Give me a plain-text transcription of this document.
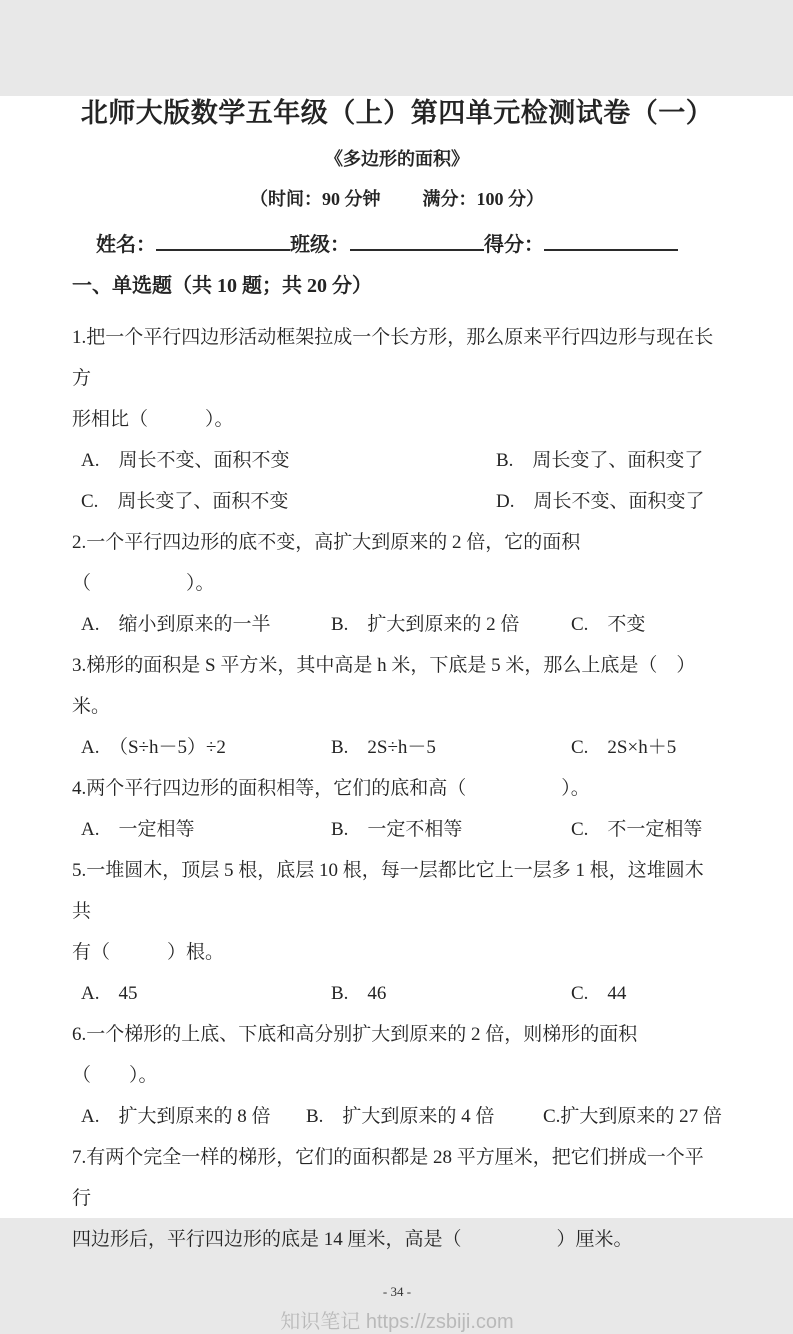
北师大版数学五年级（上）第四单元检测试卷（一）
《多边形的面积》
（时间：90 分钟 满分：100 分）
姓名：	班级：	得分：
一、单选题（共 10 题；共 20 分）

1.把一个平行四边形活动框架拉成一个长方形，那么原来平行四边形与现在长方

形相比（　　　）。

A.　周长不变、面积不变	B.　周长变了、面积变了
C.　周长变了、面积不变	D.　周长不变、面积变了

2.一个平行四边形的底不变，高扩大到原来的 2 倍，它的面积（　　　　　）。

A.　缩小到原来的一半	B.　扩大到原来的 2 倍	C.　不变

3.梯形的面积是 S 平方米，其中高是 h 米，下底是 5 米，那么上底是（　）米。

A.　（S÷h－5）÷2	B.　2S÷h－5	C.　2S×h＋5

4.两个平行四边形的面积相等，它们的底和高（　　　　　）。

A.　一定相等	B.　一定不相等	C.　不一定相等

5.一堆圆木，顶层 5 根，底层 10 根，每一层都比它上一层多 1 根，这堆圆木共

有（　　　）根。

A.　45	B.　46	C.　44

6.一个梯形的上底、下底和高分别扩大到原来的 2 倍，则梯形的面积（　　）。

A.　扩大到原来的 8 倍	B.　扩大到原来的 4 倍	C.扩大到原来的 27 倍

7.有两个完全一样的梯形，它们的面积都是 28 平方厘米，把它们拼成一个平行

四边形后，平行四边形的底是 14 厘米，高是（　　　　　）厘米。

- 34 -
知识笔记 https://zsbiji.com
